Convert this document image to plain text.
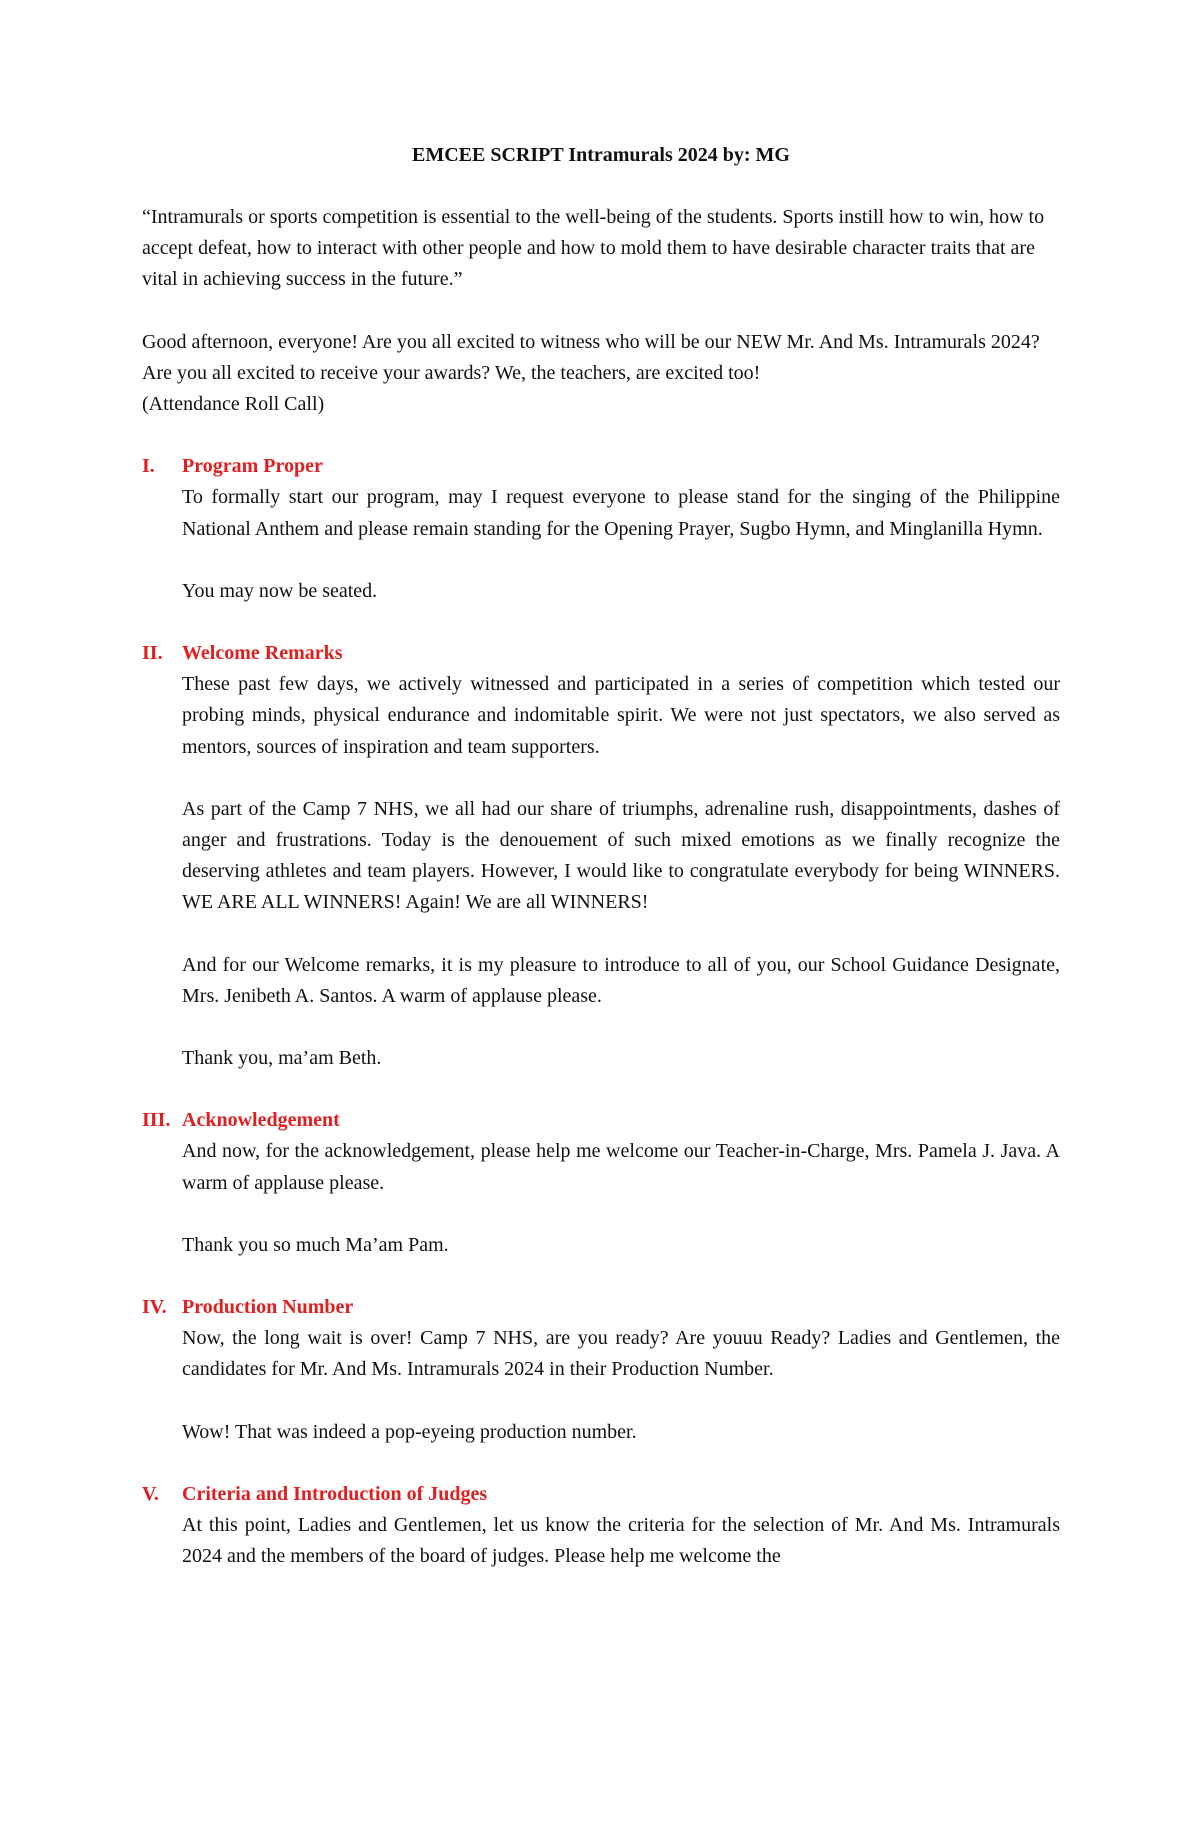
EMCEE SCRIPT Intramurals 2024 by: MG

“Intramurals or sports competition is essential to the well-being of the students. Sports instill how to win, how to accept defeat, how to interact with other people and how to mold them to have desirable character traits that are vital in achieving success in the future.”

Good afternoon, everyone! Are you all excited to witness who will be our NEW Mr. And Ms. Intramurals 2024? Are you all excited to receive your awards? We, the teachers, are excited too!

(Attendance Roll Call)

I.	Program Proper

To formally start our program, may I request everyone to please stand for the singing of the Philippine National Anthem and please remain standing for the Opening Prayer, Sugbo Hymn, and Minglanilla Hymn.

You may now be seated.

II. Welcome Remarks

These past few days, we actively witnessed and participated in a series of competition which tested our probing minds, physical endurance and indomitable spirit. We were not just spectators, we also served as mentors, sources of inspiration and team supporters.

As part of the Camp 7 NHS, we all had our share of triumphs, adrenaline rush, disappointments, dashes of anger and frustrations. Today is the denouement of such mixed emotions as we finally recognize the deserving athletes and team players. However, I would like to congratulate everybody for being WINNERS. WE ARE ALL WINNERS! Again! We are all WINNERS!

And for our Welcome remarks, it is my pleasure to introduce to all of you, our School Guidance Designate, Mrs. Jenibeth A. Santos. A warm of applause please.

Thank you, ma’am Beth.

III. Acknowledgement

And now, for the acknowledgement, please help me welcome our Teacher-in-Charge, Mrs. Pamela J. Java. A warm of applause please.

Thank you so much Ma’am Pam.

IV. Production Number

Now, the long wait is over! Camp 7 NHS, are you ready? Are youuu Ready? Ladies and Gentlemen, the candidates for Mr. And Ms. Intramurals 2024 in their Production Number.

Wow! That was indeed a pop-eyeing production number.

V.	Criteria and Introduction of Judges

At this point, Ladies and Gentlemen, let us know the criteria for the selection of Mr. And Ms. Intramurals 2024 and the members of the board of judges. Please help me welcome the
